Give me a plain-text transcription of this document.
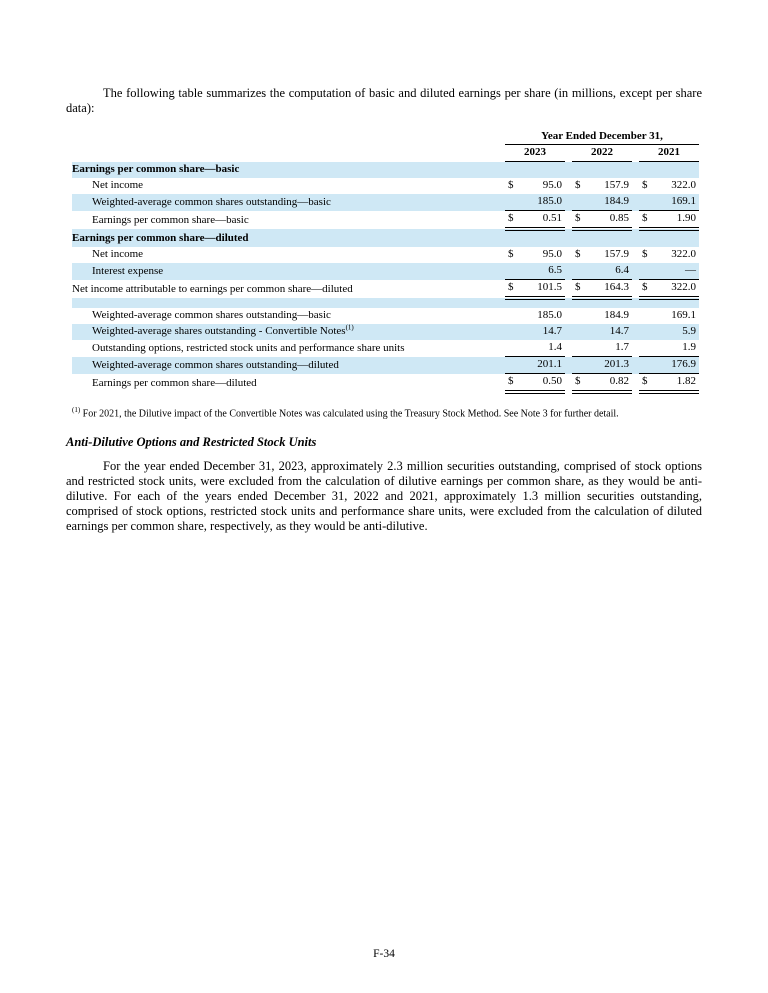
The following table summarizes the computation of basic and diluted earnings per share (in millions, except per share data):

		Year Ended December 31,				
		2023		2022		2021
Earnings per common share—basic						
Net income		$ 95.0		$ 157.9		$ 322.0
Weighted-average common shares outstanding—basic		185.0		184.9		169.1
Earnings per common share—basic		$ 0.51		$ 0.85		$ 1.90
Earnings per common share—diluted						
Net income		$ 95.0		$ 157.9		$ 322.0
Interest expense		6.5		6.4		—
Net income attributable to earnings per common share—diluted		$ 101.5		$ 164.3		$ 322.0

Weighted-average common shares outstanding—basic		185.0		184.9		169.1
Weighted-average shares outstanding - Convertible Notes$^{(1)}$		14.7		14.7		5.9
Outstanding options, restricted stock units and performance share units		1.4		1.7		1.9
Weighted-average common shares outstanding—diluted		201.1		201.3		176.9
Earnings per common share—diluted		$ 0.50		$ 0.82		$ 1.82

$^{(1)}$ For 2021, the Dilutive impact of the Convertible Notes was calculated using the Treasury Stock Method. See Note 3 for further detail.

Anti-Dilutive Options and Restricted Stock Units

For the year ended December 31, 2023, approximately 2.3 million securities outstanding, comprised of stock options and restricted stock units, were excluded from the calculation of dilutive earnings per common share, as they would be anti-dilutive. For each of the years ended December 31, 2022 and 2021, approximately 1.3 million securities outstanding, comprised of stock options, restricted stock units and performance share units, were excluded from the calculation of diluted earnings per common share, respectively, as they would be anti-dilutive.

F-34
